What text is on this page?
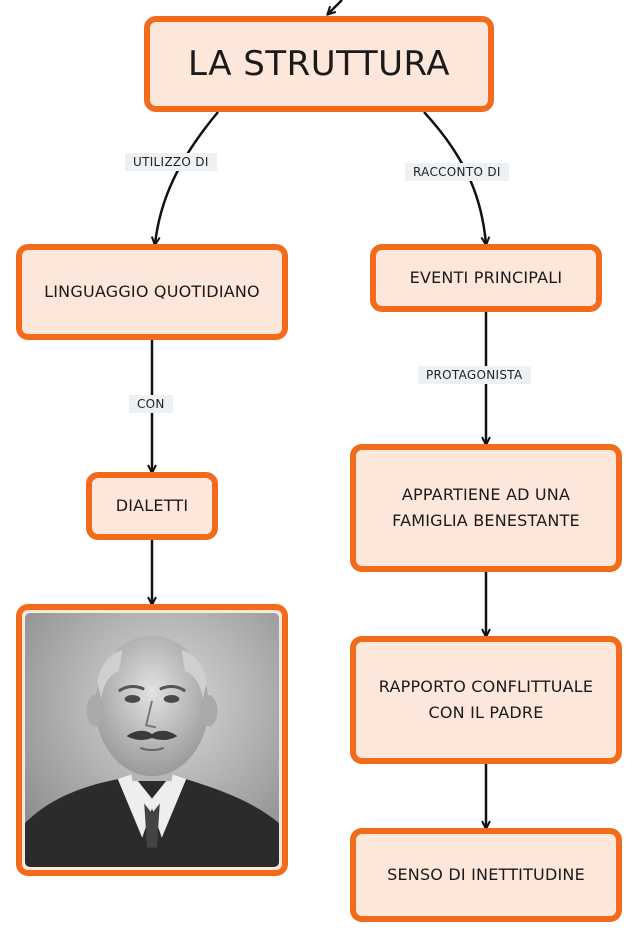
LA STRUTTURA
UTILIZZO DI
RACCONTO DI
LINGUAGGIO QUOTIDIANO
EVENTI PRINCIPALI
CON
PROTAGONISTA
DIALETTI
APPARTIENE AD UNA
FAMIGLIA BENESTANTE
RAPPORTO CONFLITTUALE
CON IL PADRE
SENSO DI INETTITUDINE
